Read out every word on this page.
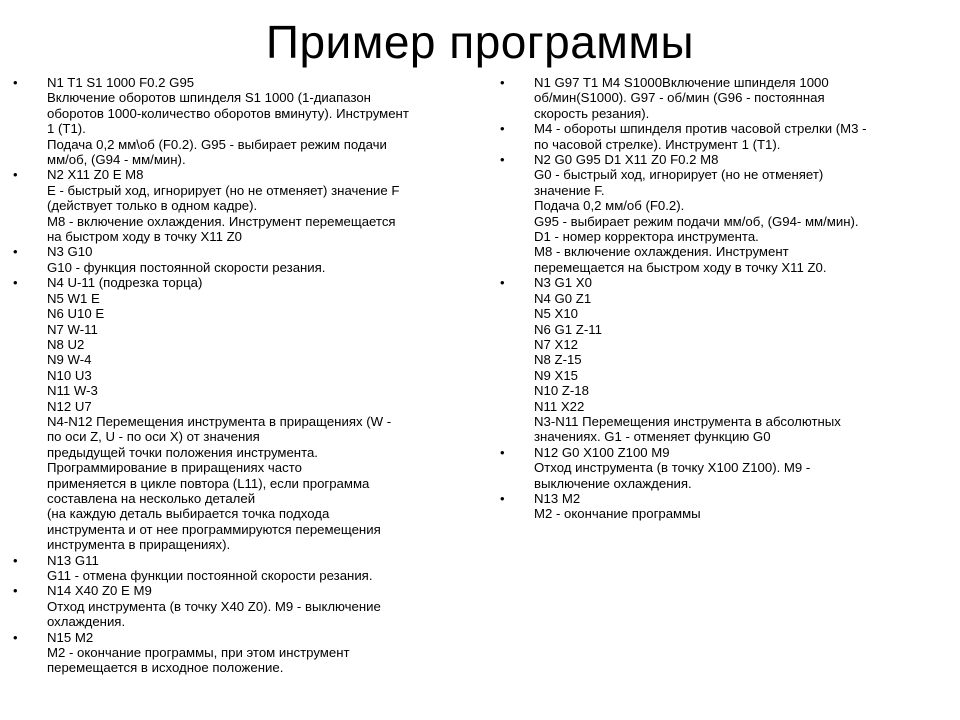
Пример программы
•	N1 T1 S1 1000 F0.2 G95
Включение оборотов шпинделя S1 1000 (1-диапазон
оборотов 1000-количество оборотов вминуту). Инструмент
1 (T1).
Подача 0,2 мм\об (F0.2). G95 - выбирает режим подачи
мм/об, (G94 - мм/мин).
•	N2 X11 Z0 E M8
E - быстрый ход, игнорирует (но не отменяет) значение F
(действует только в одном кадре).
M8 - включение охлаждения. Инструмент перемещается
на быстром ходу в точку X11 Z0
•	N3 G10
G10 - функция постоянной скорости резания.
•	N4 U-11 (подрезка торца)
N5 W1 E
N6 U10 E
N7 W-11
N8 U2
N9 W-4
N10 U3
N11 W-3
N12 U7
N4-N12 Перемещения инструмента в приращениях (W -
по оси Z, U - по оси X) от значения
предыдущей точки положения инструмента.
Программирование в приращениях часто
применяется в цикле повтора (L11), если программа
составлена на несколько деталей
(на каждую деталь выбирается точка подхода
инструмента и от нее программируются перемещения
инструмента в приращениях).
•	N13 G11
G11 - отмена функции постоянной скорости резания.
•	N14 X40 Z0 E M9
Отход инструмента (в точку X40 Z0). M9 - выключение
охлаждения.
•	N15 M2
M2 - окончание программы, при этом инструмент
перемещается в исходное положение.
•	N1 G97 T1 M4 S1000Включение шпинделя 1000
об/мин(S1000). G97 - об/мин (G96 - постоянная
скорость резания).
•	M4 - обороты шпинделя против часовой стрелки (M3 -
по часовой стрелке). Инструмент 1 (T1).
•	N2 G0 G95 D1 X11 Z0 F0.2 M8
G0 - быстрый ход, игнорирует (но не отменяет)
значение F.
Подача 0,2 мм/об (F0.2).
G95 - выбирает режим подачи мм/об, (G94- мм/мин).
D1 - номер корректора инструмента.
M8 - включение охлаждения. Инструмент
перемещается на быстром ходу в точку X11 Z0.
•	N3 G1 X0
N4 G0 Z1
N5 X10
N6 G1 Z-11
N7 X12
N8 Z-15
N9 X15
N10 Z-18
N11 X22
N3-N11 Перемещения инструмента в абсолютных
значениях. G1 - отменяет функцию G0
•	N12 G0 X100 Z100 M9
Отход инструмента (в точку X100 Z100). M9 -
выключение охлаждения.
•	N13 M2
M2 - окончание программы
